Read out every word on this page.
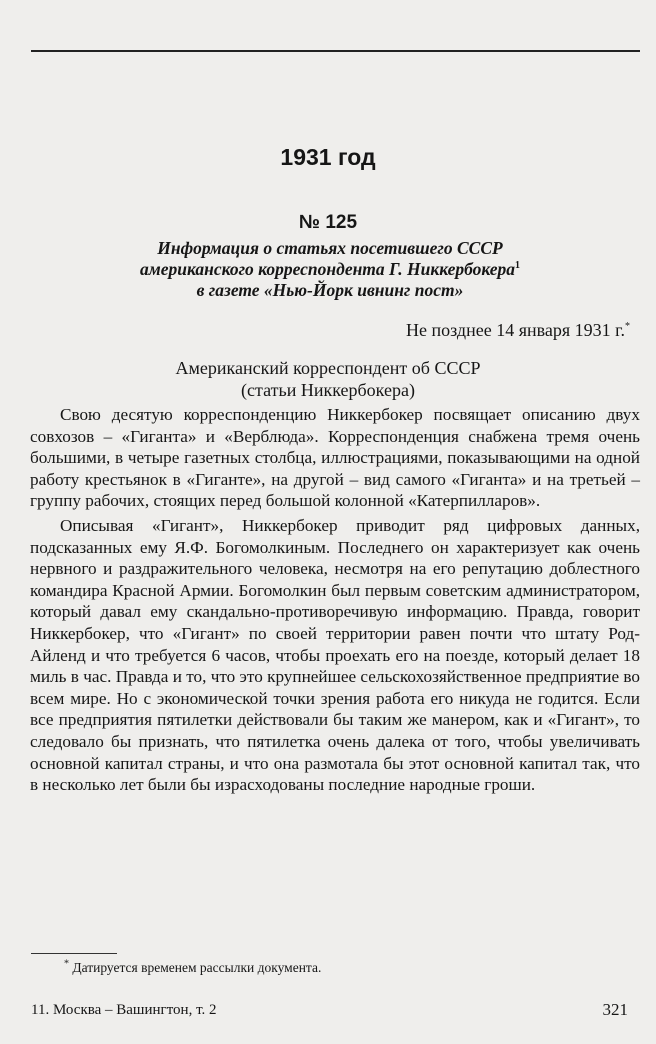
1931 год
№ 125
Информация о статьях посетившего СССР
американского корреспондента Г. Никкербокера$^1$
в газете «Нью-Йорк ивнинг пост»
Не позднее 14 января 1931 г.*
Американский корреспондент об СССР
(статьи Никкербокера)

Свою десятую корреспонденцию Никкербокер посвящает описанию двух совхозов – «Гиганта» и «Верблюда». Корреспонденция снабжена тремя очень большими, в четыре газетных столбца, иллюстрациями, показывающими на одной работу крестьянок в «Гиганте», на другой – вид самого «Гиганта» и на третьей – группу рабочих, стоящих перед большой колонной «Катерпилларов».

Описывая «Гигант», Никкербокер приводит ряд цифровых данных, подсказанных ему Я.Ф. Богомолкиным. Последнего он характеризует как очень нервного и раздражительного человека, несмотря на его репутацию доблестного командира Красной Армии. Богомолкин был первым советским администратором, который давал ему скандально-противоречивую информацию. Правда, говорит Никкербокер, что «Гигант» по своей территории равен почти что штату Род-Айленд и что требуется 6 часов, чтобы проехать его на поезде, который делает 18 миль в час. Правда и то, что это крупнейшее сельскохозяйственное предприятие во всем мире. Но с экономической точки зрения работа его никуда не годится. Если все предприятия пятилетки действовали бы таким же манером, как и «Гигант», то следовало бы признать, что пятилетка очень далека от того, чтобы увеличивать основной капитал страны, и что она размотала бы этот основной капитал так, что в несколько лет были бы израсходованы последние народные гроши.

* Датируется временем рассылки документа.
11. Москва – Вашингтон, т. 2	321
